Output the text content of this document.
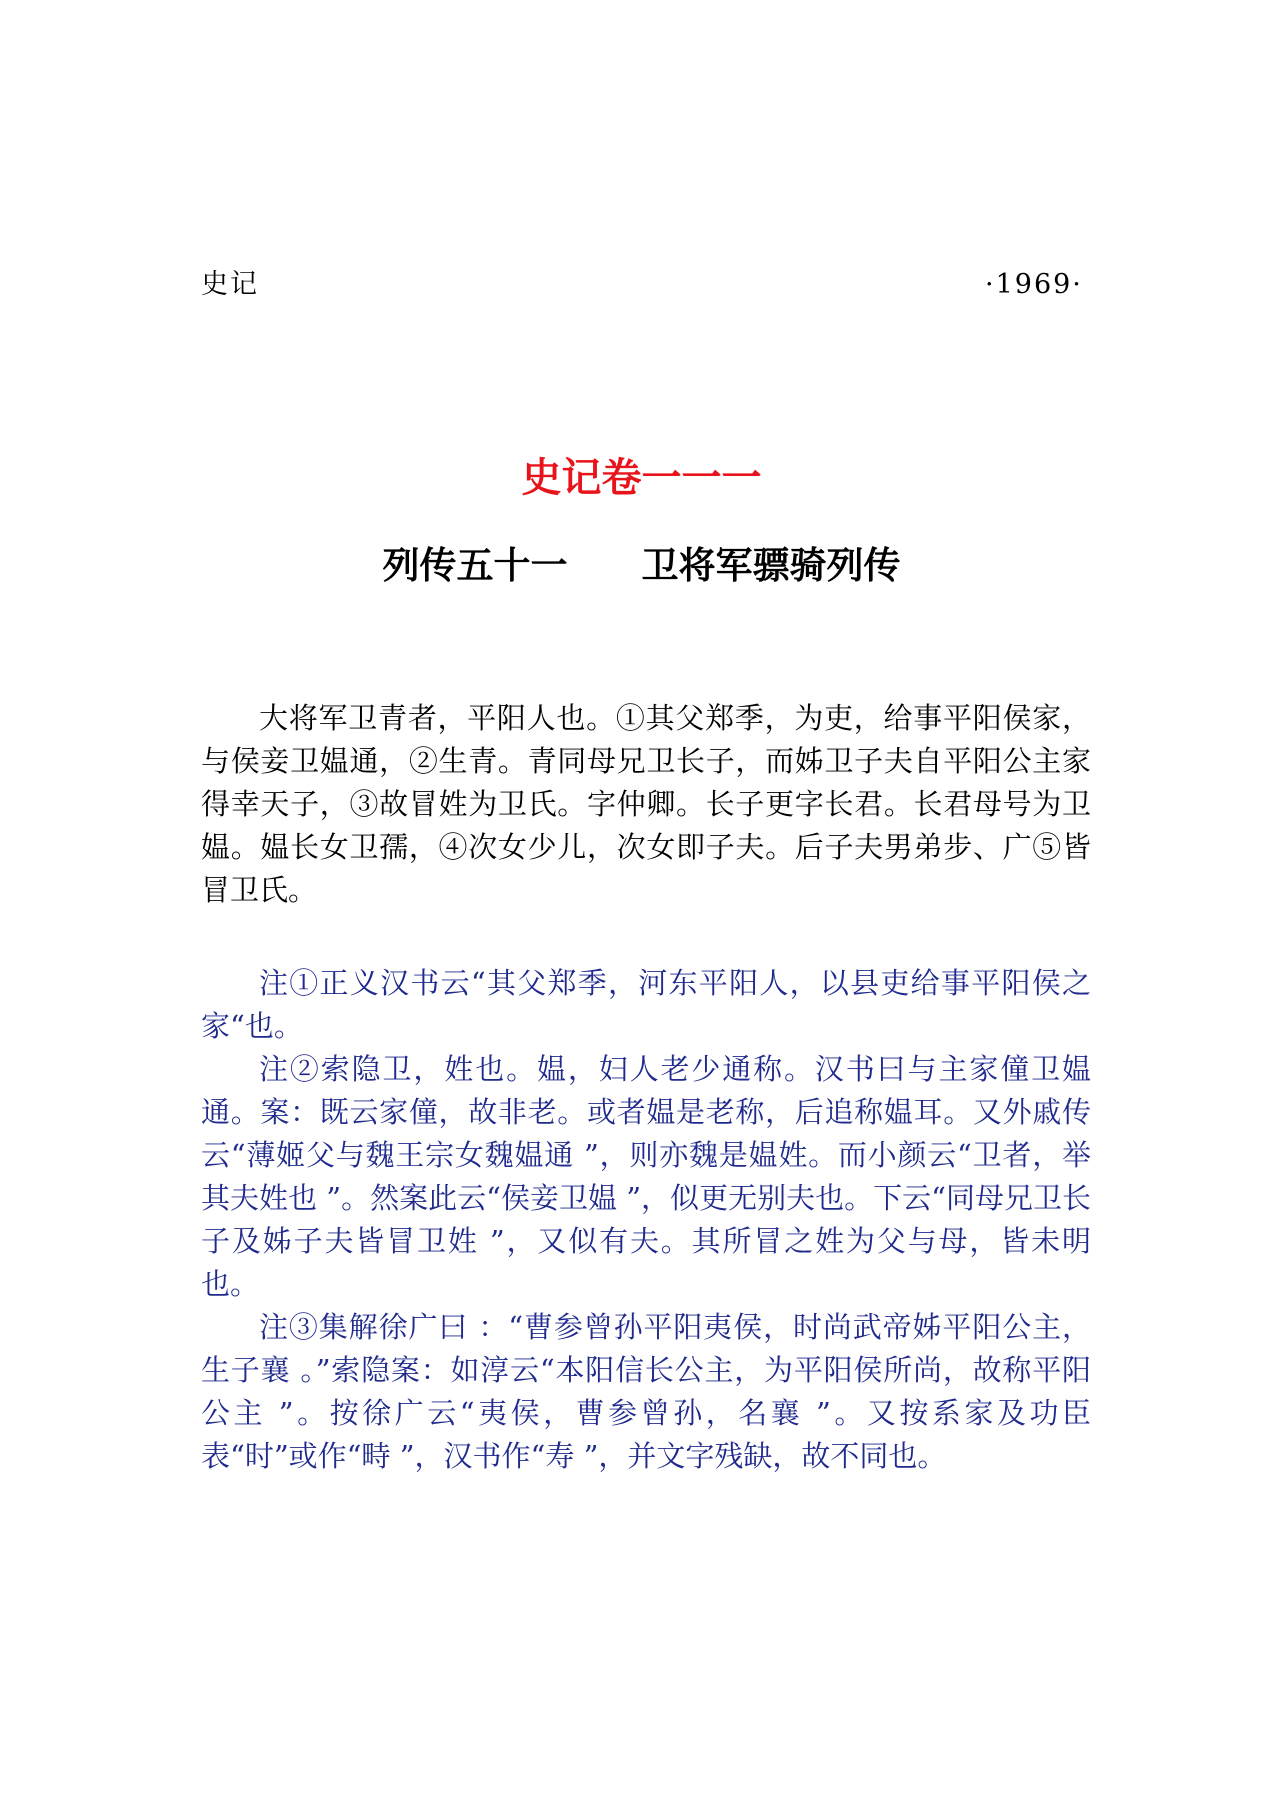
史记	·1969·
史记卷一一一
列传五十一　　卫将军骠骑列传

大将军卫青者，平阳人也。①其父郑季，为吏，给事平阳侯家，与侯妾卫媪通，②生青。青同母兄卫长子，而姊卫子夫自平阳公主家得幸天子，③故冒姓为卫氏。字仲卿。长子更字长君。长君母号为卫媪。媪长女卫孺，④次女少儿，次女即子夫。后子夫男弟步、广⑤皆冒卫氏。

注①正义汉书云“其父郑季，河东平阳人，以县吏给事平阳侯之家“也。

注②索隐卫，姓也。媪，妇人老少通称。汉书曰与主家僮卫媪通。案：既云家僮，故非老。或者媪是老称，后追称媪耳。又外戚传云“薄姬父与魏王宗女魏媪通 ”，则亦魏是媪姓。而小颜云“卫者，举其夫姓也 ”。然案此云“侯妾卫媪 ”，似更无别夫也。下云“同母兄卫长子及姊子夫皆冒卫姓 ”，又似有夫。其所冒之姓为父与母，皆未明也。

注③集解徐广曰 ：“曹参曾孙平阳夷侯，时尚武帝姊平阳公主，生子襄 。”索隐案：如淳云“本阳信长公主，为平阳侯所尚，故称平阳公主 ”。按徐广云“夷侯，曹参曾孙，名襄 ”。又按系家及功臣表“时”或作“畤 ”，汉书作“寿 ”，并文字残缺，故不同也。
